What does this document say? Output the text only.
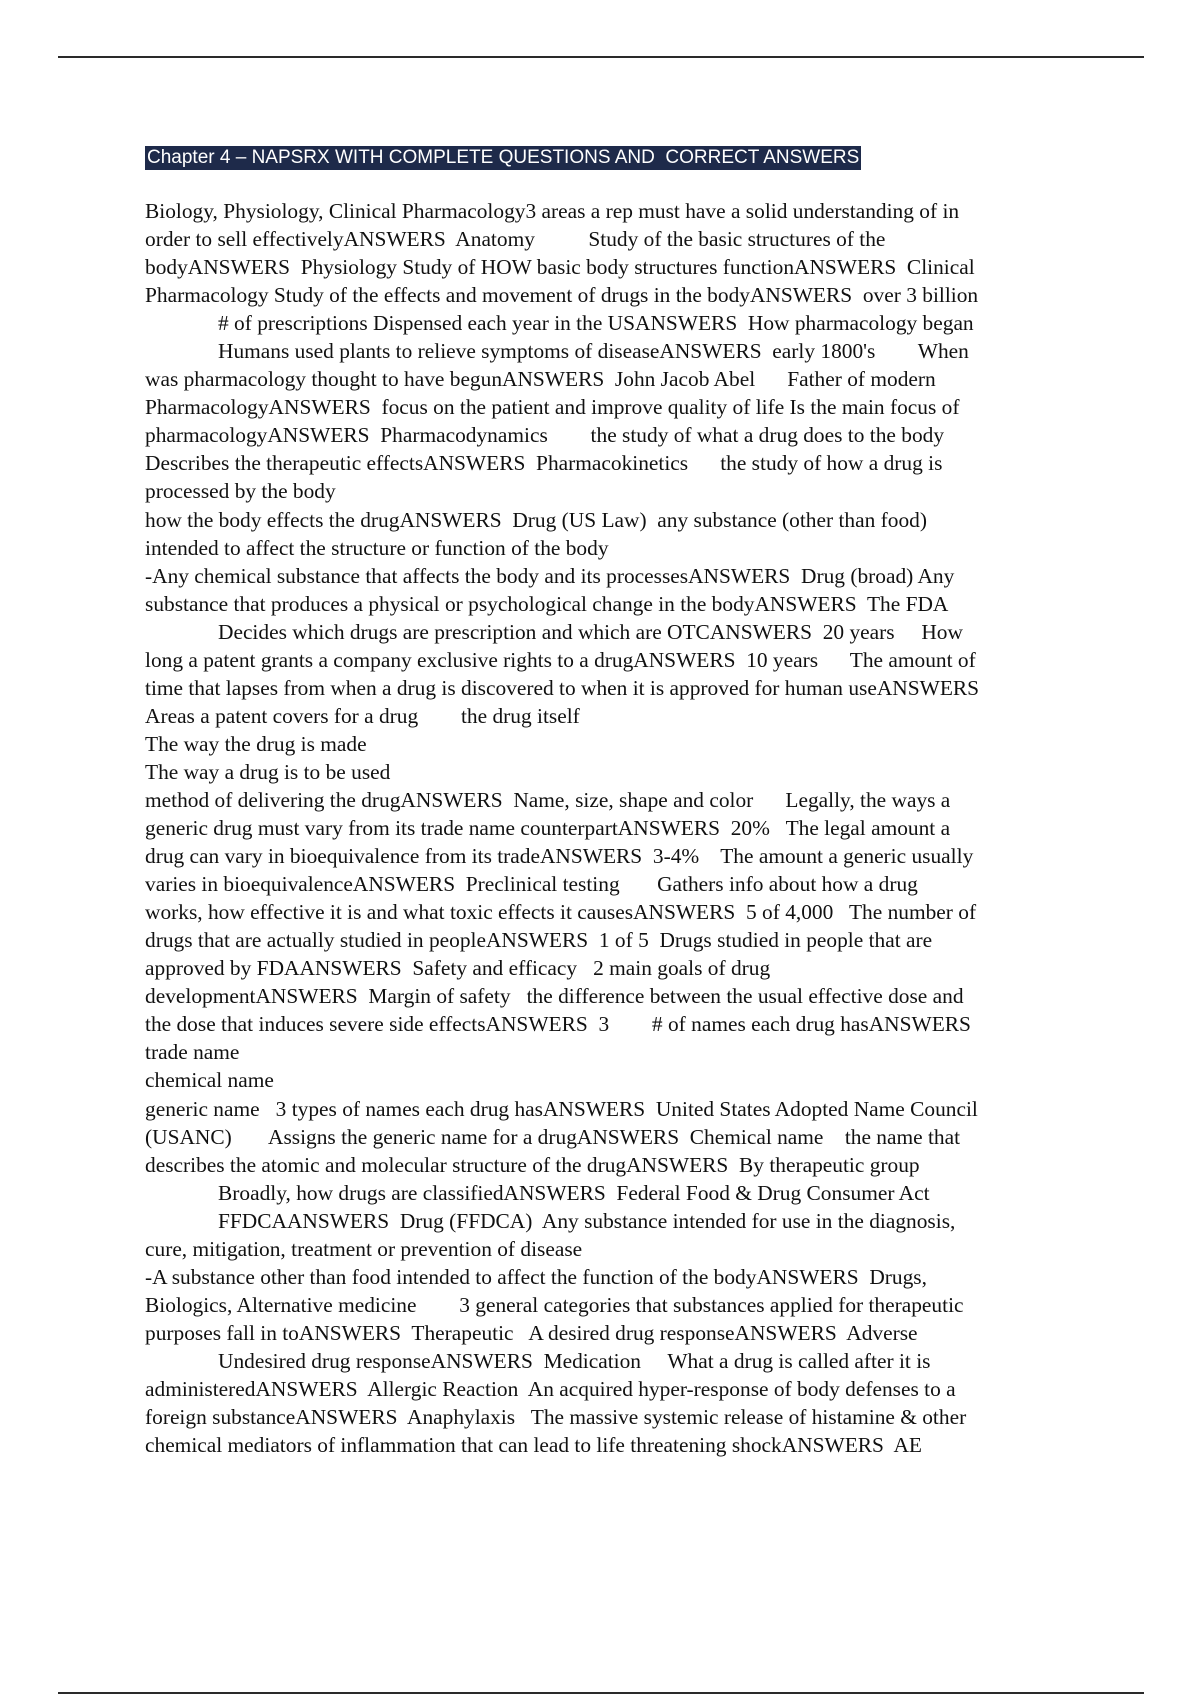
Chapter 4 – NAPSRX WITH COMPLETE QUESTIONS AND  CORRECT ANSWERS
Biology, Physiology, Clinical Pharmacology3 areas a rep must have a solid understanding of in
order to sell effectivelyANSWERS  Anatomy          Study of the basic structures of the
bodyANSWERS  Physiology Study of HOW basic body structures functionANSWERS  Clinical
Pharmacology Study of the effects and movement of drugs in the bodyANSWERS  over 3 billion
# of prescriptions Dispensed each year in the USANSWERS  How pharmacology began
Humans used plants to relieve symptoms of diseaseANSWERS  early 1800's        When
was pharmacology thought to have begunANSWERS  John Jacob Abel      Father of modern
PharmacologyANSWERS  focus on the patient and improve quality of life Is the main focus of
pharmacologyANSWERS  Pharmacodynamics        the study of what a drug does to the body
Describes the therapeutic effectsANSWERS  Pharmacokinetics      the study of how a drug is
processed by the body
how the body effects the drugANSWERS  Drug (US Law)  any substance (other than food)
intended to affect the structure or function of the body
-Any chemical substance that affects the body and its processesANSWERS  Drug (broad) Any
substance that produces a physical or psychological change in the bodyANSWERS  The FDA
Decides which drugs are prescription and which are OTCANSWERS  20 years     How
long a patent grants a company exclusive rights to a drugANSWERS  10 years      The amount of
time that lapses from when a drug is discovered to when it is approved for human useANSWERS
Areas a patent covers for a drug        the drug itself
The way the drug is made
The way a drug is to be used
method of delivering the drugANSWERS  Name, size, shape and color      Legally, the ways a
generic drug must vary from its trade name counterpartANSWERS  20%   The legal amount a
drug can vary in bioequivalence from its tradeANSWERS  3-4%    The amount a generic usually
varies in bioequivalenceANSWERS  Preclinical testing       Gathers info about how a drug
works, how effective it is and what toxic effects it causesANSWERS  5 of 4,000   The number of
drugs that are actually studied in peopleANSWERS  1 of 5  Drugs studied in people that are
approved by FDAANSWERS  Safety and efficacy   2 main goals of drug
developmentANSWERS  Margin of safety   the difference between the usual effective dose and
the dose that induces severe side effectsANSWERS  3        # of names each drug hasANSWERS
trade name
chemical name
generic name   3 types of names each drug hasANSWERS  United States Adopted Name Council
(USANC)       Assigns the generic name for a drugANSWERS  Chemical name    the name that
describes the atomic and molecular structure of the drugANSWERS  By therapeutic group
Broadly, how drugs are classifiedANSWERS  Federal Food & Drug Consumer Act
FFDCAANSWERS  Drug (FFDCA)  Any substance intended for use in the diagnosis,
cure, mitigation, treatment or prevention of disease
-A substance other than food intended to affect the function of the bodyANSWERS  Drugs,
Biologics, Alternative medicine        3 general categories that substances applied for therapeutic
purposes fall in toANSWERS  Therapeutic   A desired drug responseANSWERS  Adverse
Undesired drug responseANSWERS  Medication     What a drug is called after it is
administeredANSWERS  Allergic Reaction  An acquired hyper-response of body defenses to a
foreign substanceANSWERS  Anaphylaxis   The massive systemic release of histamine & other
chemical mediators of inflammation that can lead to life threatening shockANSWERS  AE
